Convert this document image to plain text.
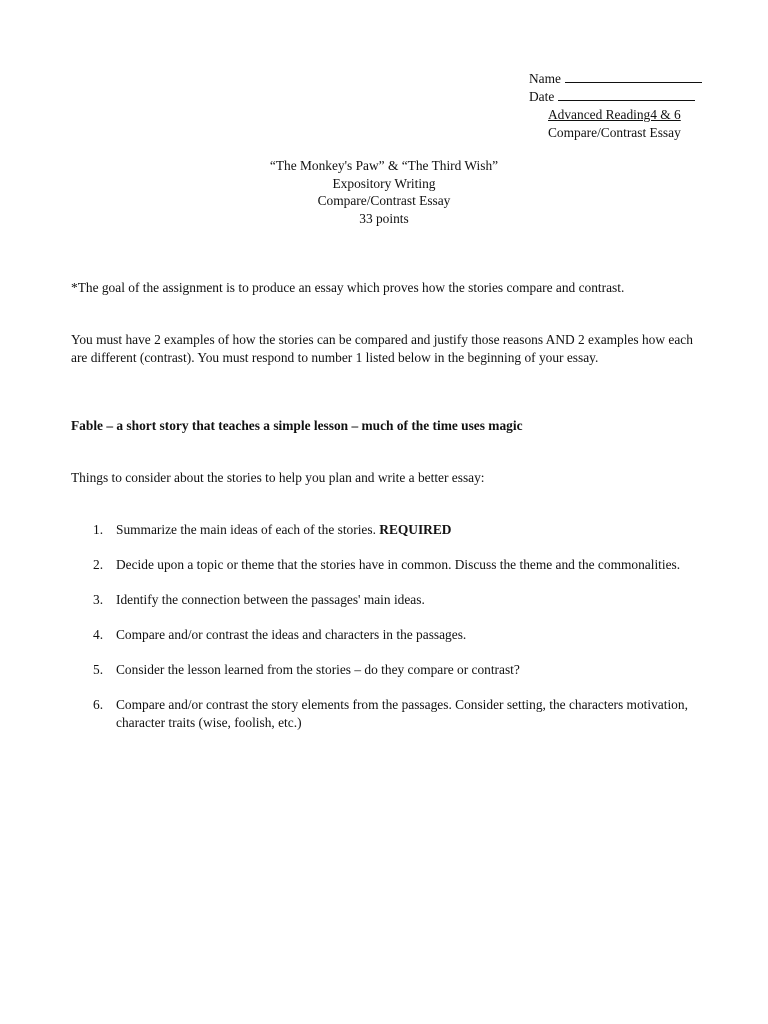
Name
Date
Advanced Reading4 & 6
Compare/Contrast Essay
“The Monkey's Paw” & “The Third Wish”
Expository Writing
Compare/Contrast Essay
33 points
*The goal of the assignment is to produce an essay which proves how the stories compare and contrast.
You must have 2 examples of how the stories can be compared and justify those reasons AND 2 examples how each are different (contrast). You must respond to number 1 listed below in the beginning of your essay.
Fable – a short story that teaches a simple lesson – much of the time uses magic
Things to consider about the stories to help you plan and write a better essay:
1. Summarize the main ideas of each of the stories. REQUIRED
2. Decide upon a topic or theme that the stories have in common. Discuss the theme and the commonalities.
3. Identify the connection between the passages' main ideas.
4. Compare and/or contrast the ideas and characters in the passages.
5. Consider the lesson learned from the stories – do they compare or contrast?
6. Compare and/or contrast the story elements from the passages. Consider setting, the characters motivation, character traits (wise, foolish, etc.)
